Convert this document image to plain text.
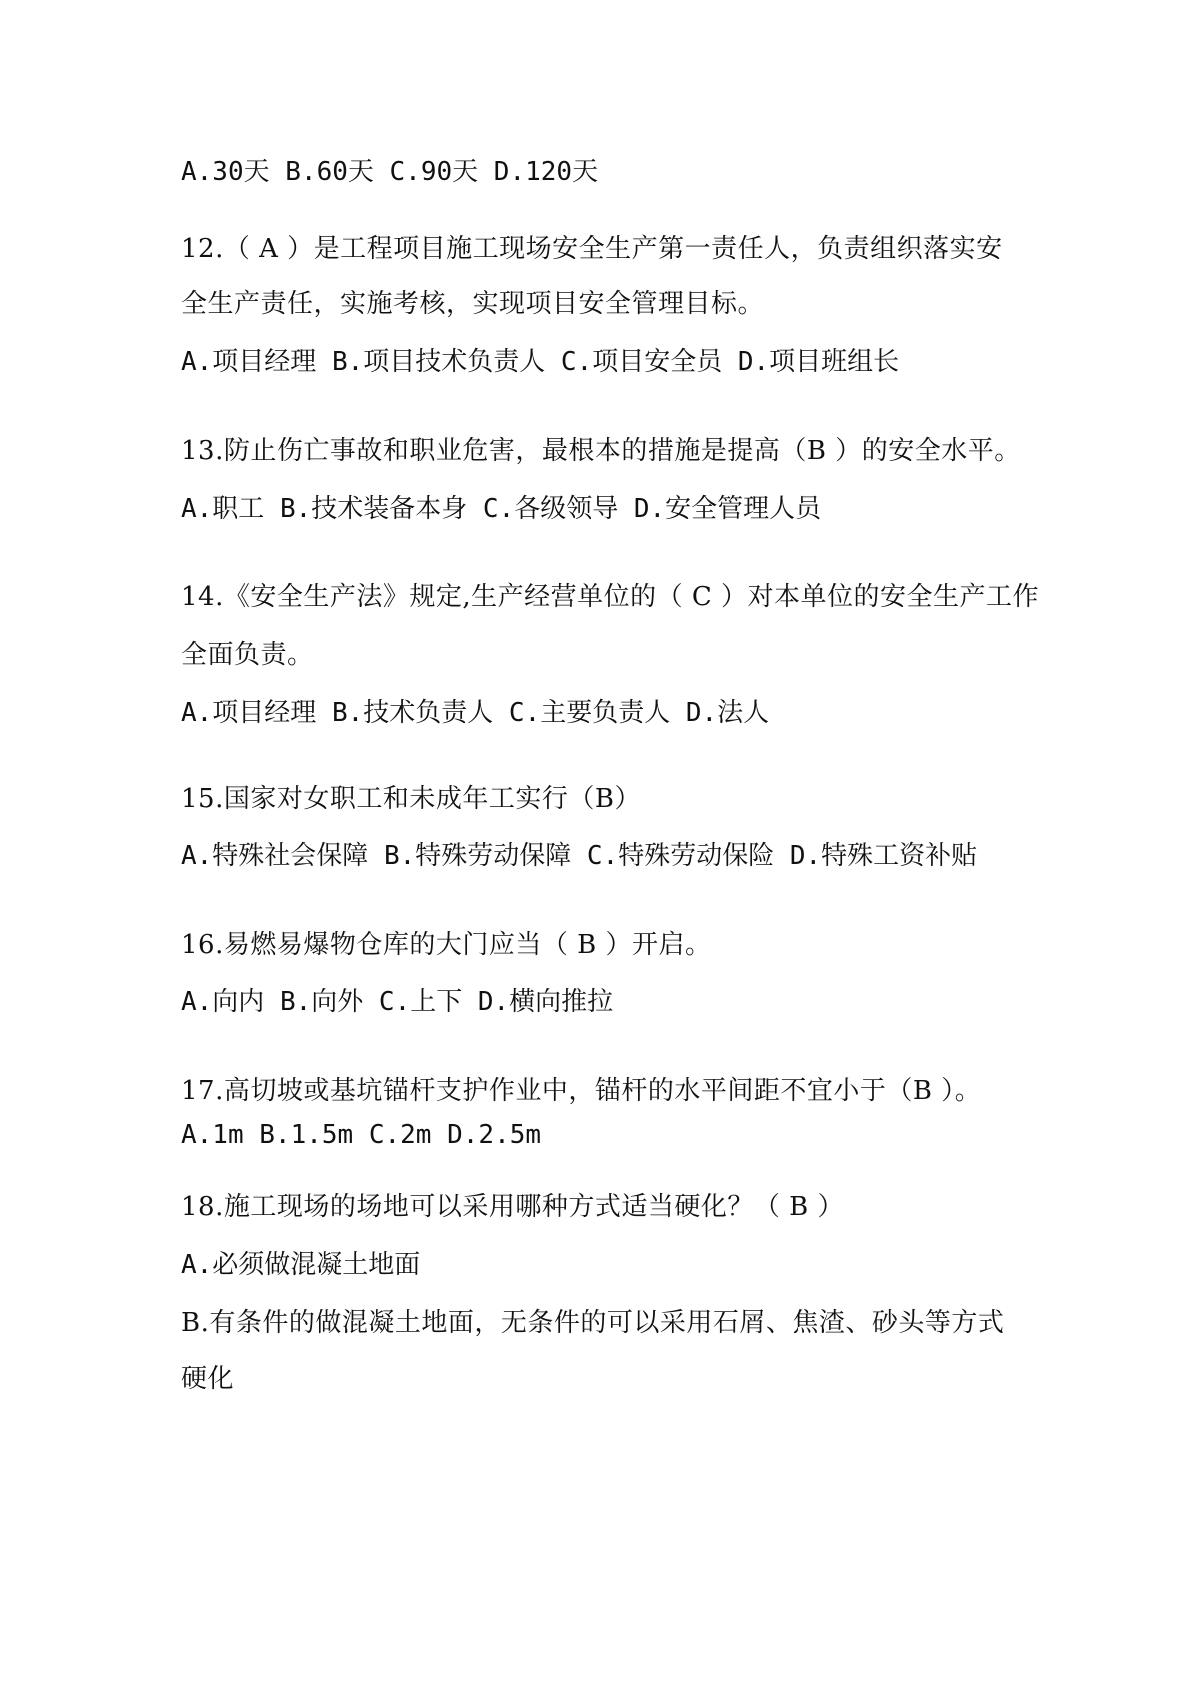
A.30天 B.60天 C.90天 D.120天
12.（ A ）是工程项目施工现场安全生产第一责任人，负责组织落实安
全生产责任，实施考核，实现项目安全管理目标。
A.项目经理 B.项目技术负责人 C.项目安全员 D.项目班组长
13.防止伤亡事故和职业危害，最根本的措施是提高（B ）的安全水平。
A.职工 B.技术装备本身 C.各级领导 D.安全管理人员
14.《安全生产法》规定,生产经营单位的（ C ）对本单位的安全生产工作
全面负责。
A.项目经理 B.技术负责人 C.主要负责人 D.法人
15.国家对女职工和未成年工实行（B）
A.特殊社会保障 B.特殊劳动保障 C.特殊劳动保险 D.特殊工资补贴
16.易燃易爆物仓库的大门应当（ B ）开启。
A.向内 B.向外 C.上下 D.横向推拉
17.高切坡或基坑锚杆支护作业中，锚杆的水平间距不宜小于（B ）。
A.1m B.1.5m C.2m D.2.5m
18.施工现场的场地可以采用哪种方式适当硬化？（ B ）
A.必须做混凝土地面
B.有条件的做混凝土地面，无条件的可以采用石屑、焦渣、砂头等方式
硬化
